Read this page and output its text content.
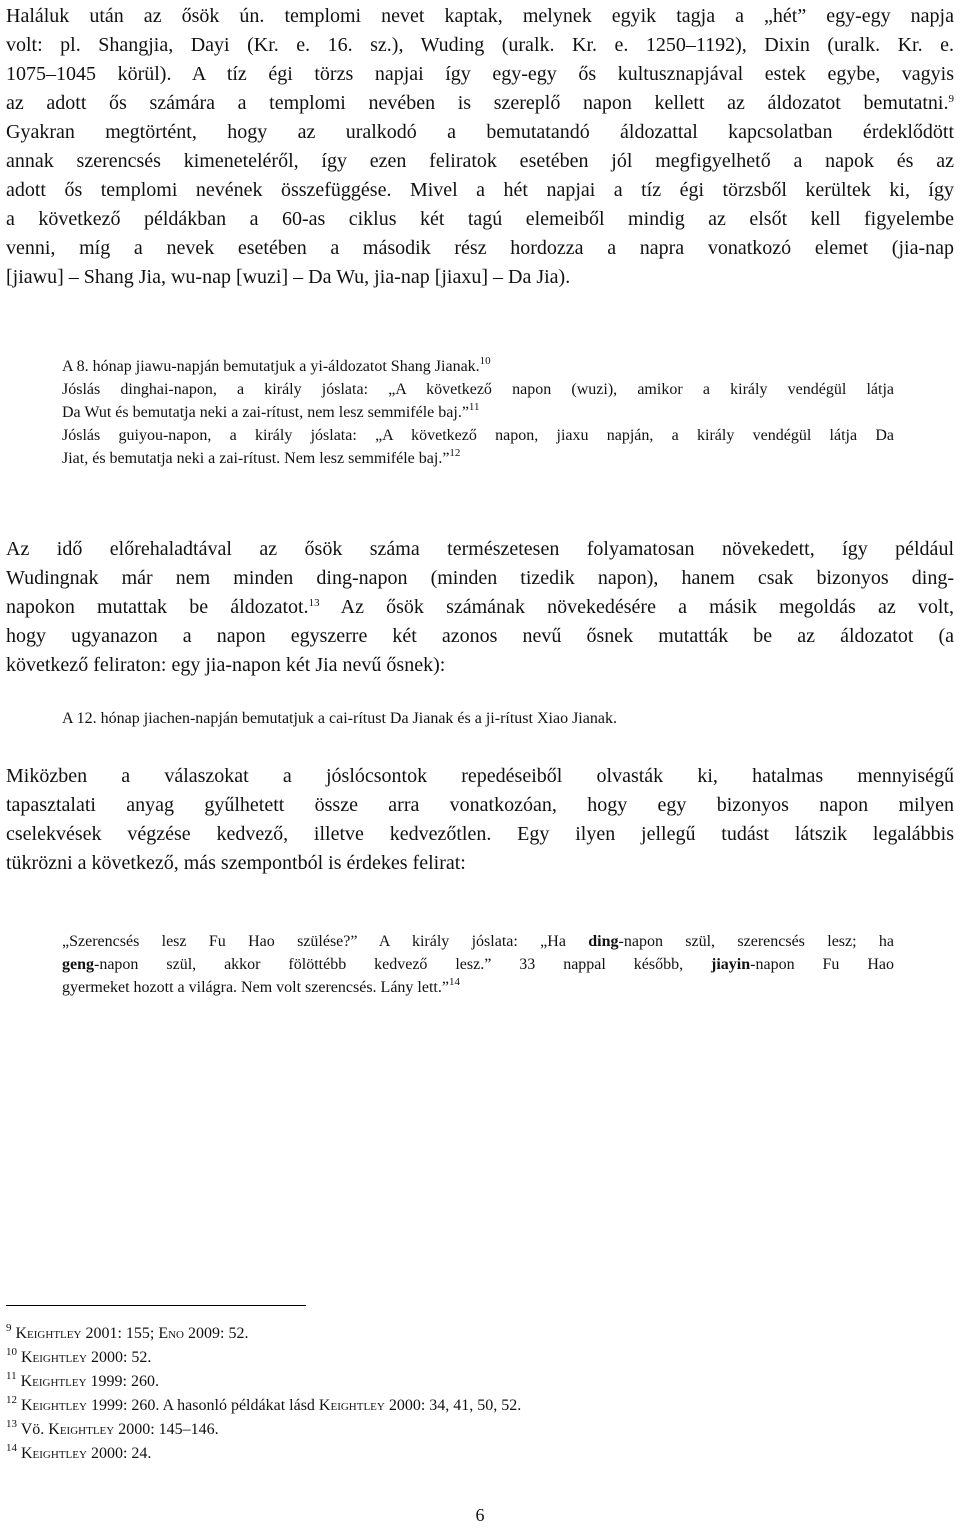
Haláluk után az ősök ún. templomi nevet kaptak, melynek egyik tagja a „hét” egy-egy napja
volt: pl. Shangjia, Dayi (Kr. e. 16. sz.), Wuding (uralk. Kr. e. 1250–1192), Dixin (uralk. Kr. e.
1075–1045 körül). A tíz égi törzs napjai így egy-egy ős kultusznapjával estek egybe, vagyis
az adott ős számára a templomi nevében is szereplő napon kellett az áldozatot bemutatni.$^9$
Gyakran megtörtént, hogy az uralkodó a bemutatandó áldozattal kapcsolatban érdeklődött
annak szerencsés kimeneteléről, így ezen feliratok esetében jól megfigyelhető a napok és az
adott ős templomi nevének összefüggése. Mivel a hét napjai a tíz égi törzsből kerültek ki, így
a következő példákban a 60-as ciklus két tagú elemeiből mindig az elsőt kell figyelembe
venni, míg a nevek esetében a második rész hordozza a napra vonatkozó elemet (jia-nap
[jiawu] – Shang Jia, wu-nap [wuzi] – Da Wu, jia-nap [jiaxu] – Da Jia).
A 8. hónap jiawu-napján bemutatjuk a yi-áldozatot Shang Jianak.$^{10}$
Jóslás dinghai-napon, a király jóslata: „A következő napon (wuzi), amikor a király vendégül látja
Da Wut és bemutatja neki a zai-rítust, nem lesz semmiféle baj.”$^{11}$
Jóslás guiyou-napon, a király jóslata: „A következő napon, jiaxu napján, a király vendégül látja Da
Jiat, és bemutatja neki a zai-rítust. Nem lesz semmiféle baj.”$^{12}$
Az idő előrehaladtával az ősök száma természetesen folyamatosan növekedett, így például
Wudingnak már nem minden ding-napon (minden tizedik napon), hanem csak bizonyos ding-
napokon mutattak be áldozatot.$^{13}$ Az ősök számának növekedésére a másik megoldás az volt,
hogy ugyanazon a napon egyszerre két azonos nevű ősnek mutatták be az áldozatot (a
következő feliraton: egy jia-napon két Jia nevű ősnek):
A 12. hónap jiachen-napján bemutatjuk a cai-rítust Da Jianak és a ji-rítust Xiao Jianak.
Miközben a válaszokat a jóslócsontok repedéseiből olvasták ki, hatalmas mennyiségű
tapasztalati anyag gyűlhetett össze arra vonatkozóan, hogy egy bizonyos napon milyen
cselekvések végzése kedvező, illetve kedvezőtlen. Egy ilyen jellegű tudást látszik legalábbis
tükrözni a következő, más szempontból is érdekes felirat:
„Szerencsés lesz Fu Hao szülése?” A király jóslata: „Ha ding-napon szül, szerencsés lesz; ha
geng-napon szül, akkor fölöttébb kedvező lesz.” 33 nappal később, jiayin-napon Fu Hao
gyermeket hozott a világra. Nem volt szerencsés. Lány lett.”$^{14}$
$^9$ Keightley 2001: 155; Eno 2009: 52.
$^{10}$ Keightley 2000: 52.
$^{11}$ Keightley 1999: 260.
$^{12}$ Keightley 1999: 260. A hasonló példákat lásd Keightley 2000: 34, 41, 50, 52.
$^{13}$ Vö. Keightley 2000: 145–146.
$^{14}$ Keightley 2000: 24.
6
